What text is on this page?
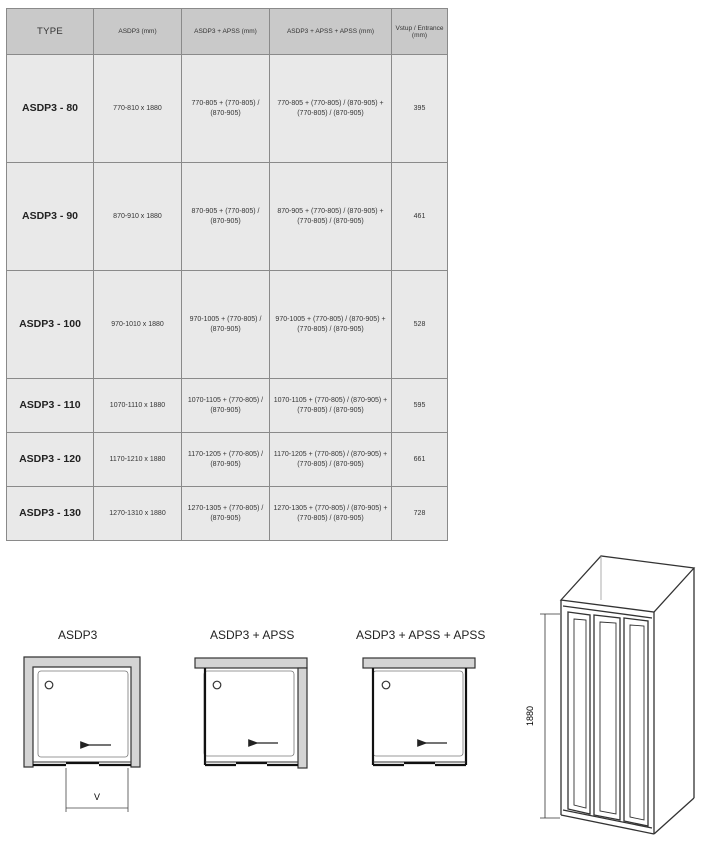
TYPE	ASDP3 (mm)	ASDP3 + APSS (mm)	ASDP3 + APSS + APSS (mm)	Vstup / Entrance (mm)
ASDP3 - 80	770-810 x 1880	770-805 + (770-805) / (870-905)	770-805 + (770-805) / (870-905) + (770-805) / (870-905)	395
ASDP3 - 90	870-910 x 1880	870-905 + (770-805) / (870-905)	870-905 + (770-805) / (870-905) + (770-805) / (870-905)	461
ASDP3 - 100	970-1010 x 1880	970-1005 + (770-805) / (870-905)	970-1005 + (770-805) / (870-905) + (770-805) / (870-905)	528
ASDP3 - 110	1070-1110 x 1880	1070-1105 + (770-805) / (870-905)	1070-1105 + (770-805) / (870-905) + (770-805) / (870-905)	595
ASDP3 - 120	1170-1210 x 1880	1170-1205 + (770-805) / (870-905)	1170-1205 + (770-805) / (870-905) + (770-805) / (870-905)	661
ASDP3 - 130	1270-1310 x 1880	1270-1305 + (770-805) / (870-905)	1270-1305 + (770-805) / (870-905) + (770-805) / (870-905)	728
ASDP3	ASDP3 + APSS	ASDP3 + APSS + APSS
V
1880
